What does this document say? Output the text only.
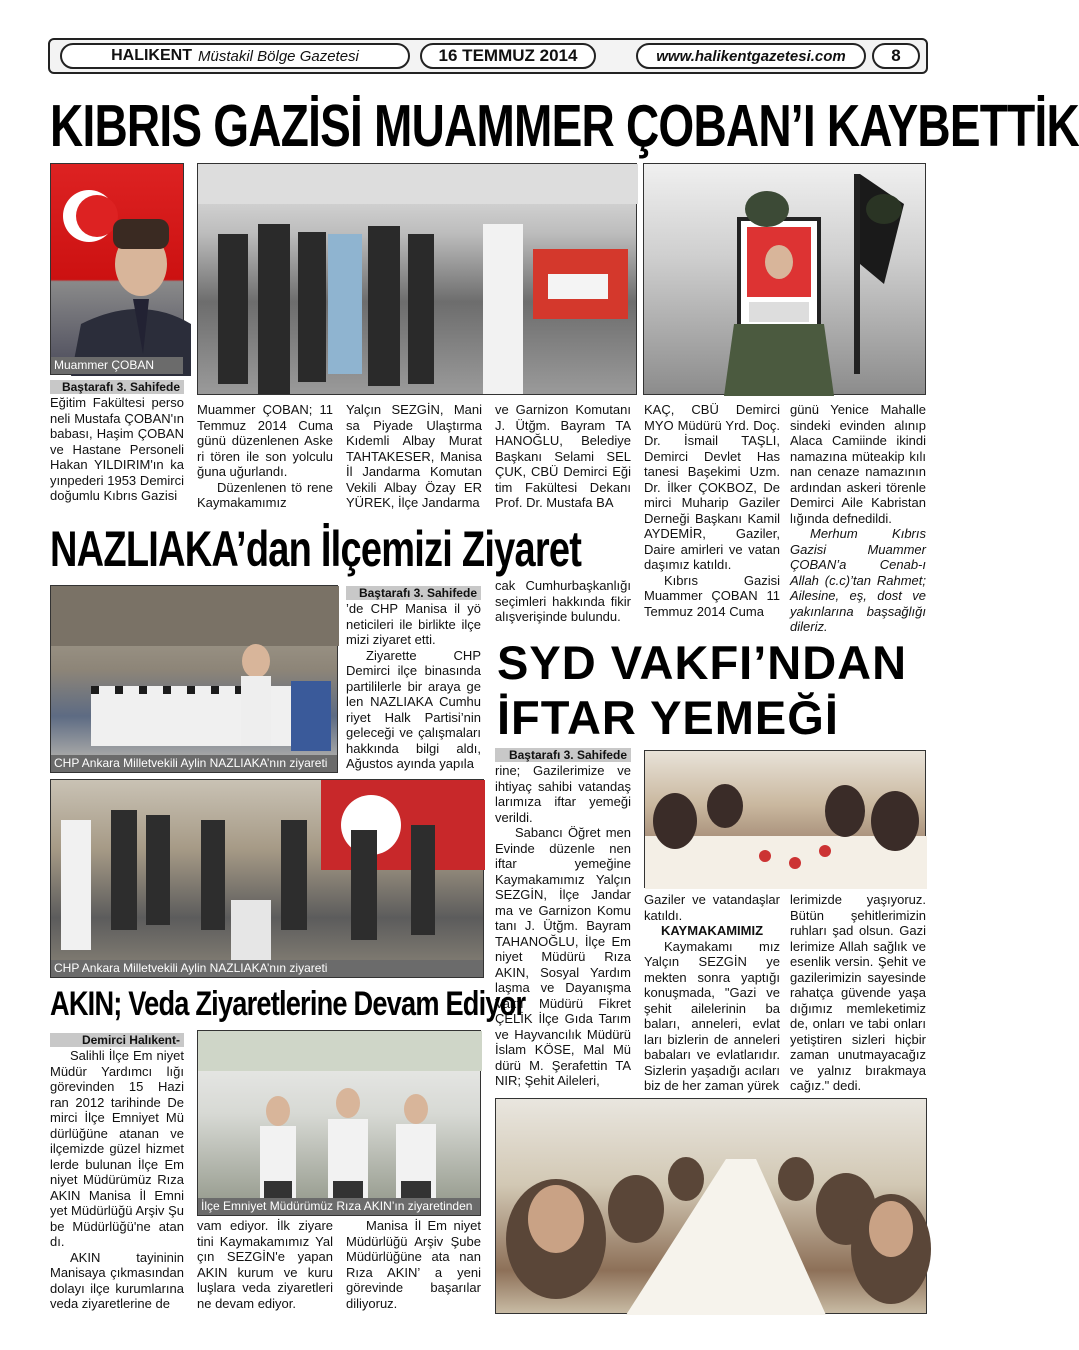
HALIKENT Müstakil Bölge Gazetesi	16 TEMMUZ 2014	www.halikentgazetesi.com	8
KIBRIS GAZİSİ MUAMMER ÇOBAN’I KAYBETTİK
Muammer ÇOBAN
Baştarafı 3. Sahifede

Eğitim Fakültesi perso neli Mustafa ÇOBAN'ın babası, Haşim ÇOBAN ve Hastane Personeli Hakan YILDIRIM'ın ka yınpederi 1953 Demirci doğumlu Kıbrıs Gazisi

Muammer ÇOBAN; 11 Temmuz 2014 Cuma günü düzenlenen Aske ri tören ile son yolculu ğuna uğurlandı.

Düzenlenen tö rene Kaymakamımız

Yalçın SEZGİN, Mani sa Piyade Ulaştırma Kıdemli Albay Murat TAHTAKESER, Manisa İl Jandarma Komutan Vekili Albay Özay ER YÜREK, İlçe Jandarma

ve Garnizon Komutanı J. Ütğm. Bayram TA HANOĞLU, Belediye Başkanı Selami SEL ÇUK, CBÜ Demirci Eği tim Fakültesi Dekanı Prof. Dr. Mustafa BA

KAÇ, CBÜ Demirci MYO Müdürü Yrd. Doç. Dr. İsmail TAŞLI, Demirci Devlet Has tanesi Başekimi Uzm. Dr. İlker ÇOKBOZ, De mirci Muharip Gaziler Derneği Başkanı Kamil AYDEMİR, Gaziler, Daire amirleri ve vatan daşımız katıldı.

Kıbrıs Gazisi Muammer ÇOBAN 11 Temmuz 2014 Cuma

günü Yenice Mahalle sindeki evinden alınıp Alaca Camiinde ikindi namazına müteakip kılı nan cenaze namazının ardından askeri törenle Demirci Aile Kabristan lığında defnedildi.

Merhum Kıbrıs Gazisi Muammer ÇOBAN’a Cenab-ı Allah (c.c)’tan Rahmet; Ailesine, eş, dost ve yakınlarına başsağlığı dileriz.

NAZLIAKA’dan İlçemizi Ziyaret
CHP Ankara Milletvekili Aylin NAZLIAKA’nın ziyareti
Baştarafı 3. Sahifede

’de CHP Manisa il yö neticileri ile birlikte ilçe mizi ziyaret etti.

Ziyarette CHP Demirci ilçe binasında partililerle bir araya ge len NAZLIAKA Cumhu riyet Halk Partisi’nin geleceği ve çalışmaları hakkında bilgi aldı, Ağustos ayında yapıla

cak Cumhurbaşkanlığı seçimleri hakkında fikir alışverişinde bulundu.

CHP Ankara Milletvekili Aylin NAZLIAKA’nın ziyareti
SYD VAKFI’NDAN
İFTAR YEMEĞİ
Baştarafı 3. Sahifede

rine; Gazilerimize ve ihtiyaç sahibi vatandaş larımıza iftar yemeği verildi.

Sabancı Öğret men Evinde düzenle nen iftar yemeğine Kaymakamımız Yalçın SEZGİN, İlçe Jandar ma ve Garnizon Komu tanı J. Ütğm. Bayram TAHANOĞLU, İlçe Em niyet Müdürü Rıza AKIN, Sosyal Yardım laşma ve Dayanışma Vakfı Müdürü Fikret ÇELİK İlçe Gıda Tarım ve Hayvancılık Müdürü İslam KÖSE, Mal Mü dürü M. Şerafettin TA NIR; Şehit Aileleri,

Gaziler ve vatandaşlar katıldı.

KAYMAKAMIMIZ

Kaymakamı mız Yalçın SEZGİN ye mekten sonra yaptığı konuşmada, "Gazi ve şehit ailelerinin ba baları, anneleri, evlat ları bizlerin de anneleri babaları ve evlatlarıdır. Sizlerin yaşadığı acıları biz de her zaman yürek

lerimizde yaşıyoruz. Bütün şehitlerimizin ruhları şad olsun. Gazi lerimize Allah sağlık ve esenlik versin. Şehit ve gazilerimizin sayesinde rahatça güvende yaşa dığımız memleketimiz de, onları ve tabi onları yetiştiren sizleri hiçbir zaman unutmayacağız ve yalnız bırakmaya cağız." dedi.

AKIN; Veda Ziyaretlerine Devam Ediyor
Demirci Halıkent-

Salihli İlçe Em niyet Müdür Yardımcı lığı görevinden 15 Hazi ran 2012 tarihinde De mirci İlçe Emniyet Mü dürlüğüne atanan ve ilçemizde güzel hizmet lerde bulunan İlçe Em niyet Müdürümüz Rıza AKIN Manisa İl Emni yet Müdürlüğü Arşiv Şu be Müdürlüğü'ne atan dı.

AKIN tayininin Manisaya çıkmasından dolayı ilçe kurumlarına veda ziyaretlerine de

İlçe Emniyet Müdürümüz Rıza AKIN’ın ziyaretinden

vam ediyor. İlk ziyare tini Kaymakamımız Yal çın SEZGİN'e yapan AKIN kurum ve kuru luşlara veda ziyaretleri ne devam ediyor.

Manisa İl Em niyet Müdürlüğü Arşiv Şube Müdürlüğüne ata nan Rıza AKIN’ a yeni görevinde başarılar diliyoruz.
